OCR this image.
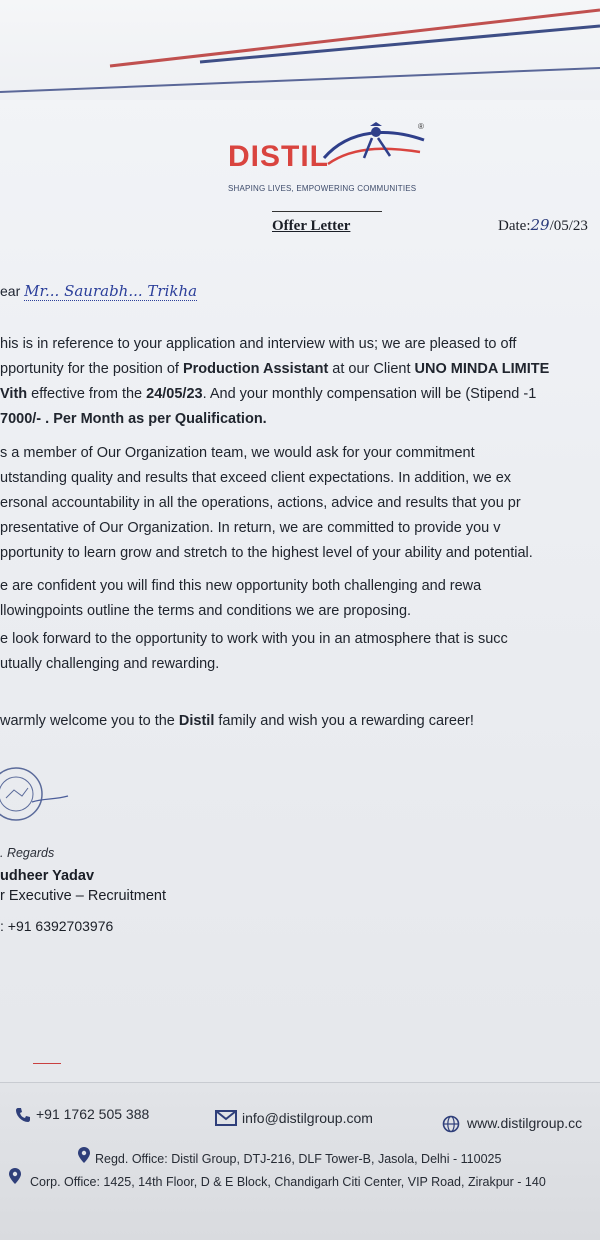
DISTIL
®
SHAPING LIVES, EMPOWERING COMMUNITIES
Offer Letter	Date:29/05/23
ear Mr... Saurabh... Trikha
his is in reference to your application and interview with us; we are pleased to off
pportunity for the position of Production Assistant at our Client UNO MINDA LIMITE
Vith effective from the 24/05/23. And your monthly compensation will be (Stipend -1
7000/- . Per Month as per Qualification.
s a member of Our Organization team, we would ask for your commitment
utstanding quality and results that exceed client expectations. In addition, we ex
ersonal accountability in all the operations, actions, advice and results that you pr
presentative of Our Organization. In return, we are committed to provide you v
pportunity to learn grow and stretch to the highest level of your ability and potential.
e are confident you will find this new opportunity both challenging and rewa
llowingpoints outline the terms and conditions we are proposing.
e look forward to the opportunity to work with you in an atmosphere that is succ
utually challenging and rewarding.
warmly welcome you to the Distil family and wish you a rewarding career!
. Regards
udheer Yadav
r Executive – Recruitment
: +91 6392703976
+91 1762 505 388	info@distilgroup.com	www.distilgroup.cc
Regd. Office: Distil Group, DTJ-216, DLF Tower-B, Jasola, Delhi - 110025
Corp. Office: 1425, 14th Floor, D & E Block, Chandigarh Citi Center, VIP Road, Zirakpur - 140
